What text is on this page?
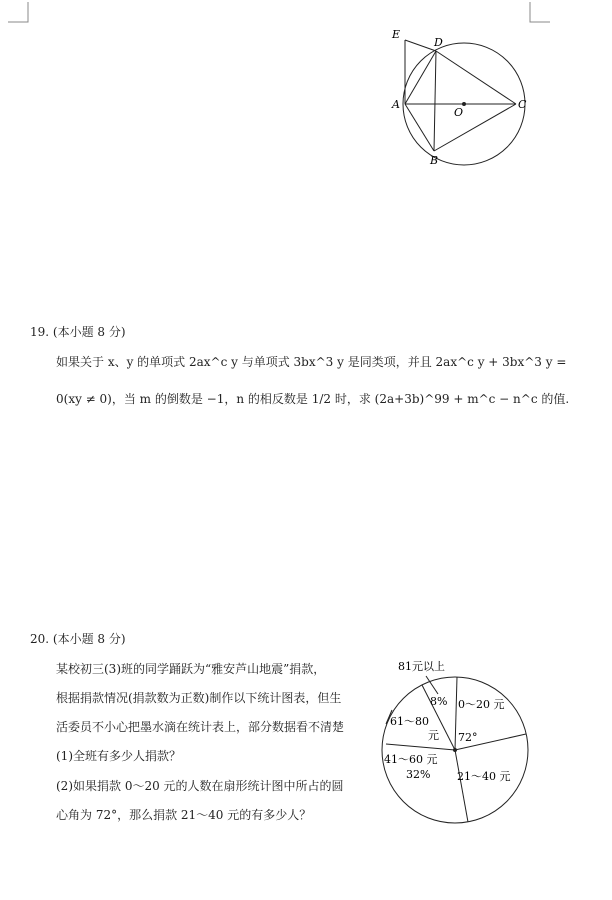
E
D
A
O
C
B
19. (本小题 8 分)
如果关于 x、y 的单项式 2ax^c y 与单项式 3bx^3 y 是同类项，并且 2ax^c y + 3bx^3 y =
0(xy ≠ 0)，当 m 的倒数是 −1，n 的相反数是 1/2 时，求 (2a+3b)^99 + m^c − n^c 的值.
20. (本小题 8 分)
某校初三(3)班的同学踊跃为“雅安芦山地震”捐款，
根据捐款情况(捐款数为正数)制作以下统计图表，但生
活委员不小心把墨水滴在统计表上，部分数据看不清楚
(1)全班有多少人捐款？
(2)如果捐款 0～20 元的人数在扇形统计图中所占的圆
心角为 72°，那么捐款 21～40 元的有多少人？
81元以上
8% 0～20 元
61～80
元 72°
41～60 元
32% 21～40 元
